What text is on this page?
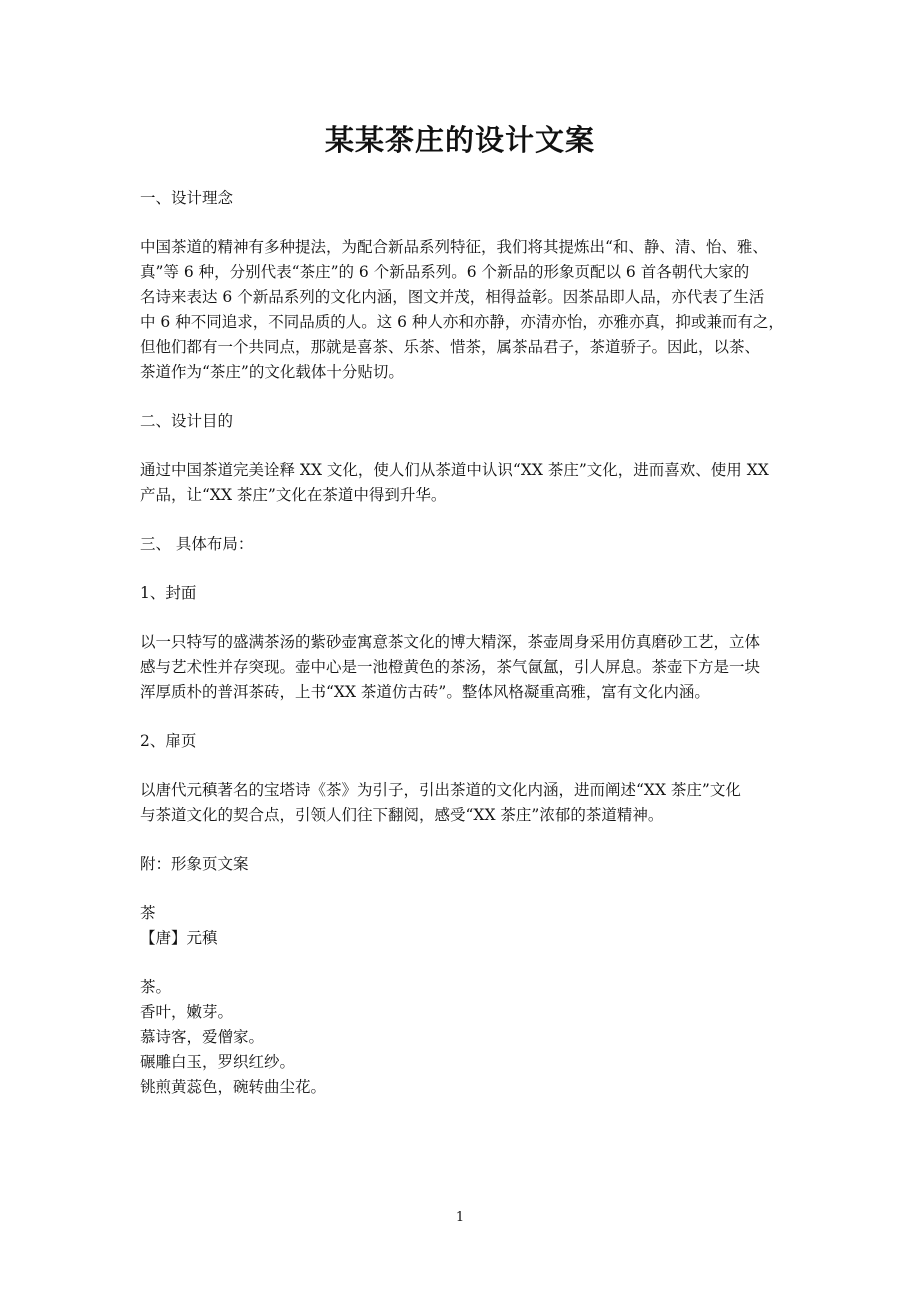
某某茶庄的设计文案

一、设计理念

中国茶道的精神有多种提法，为配合新品系列特征，我们将其提炼出“和、静、清、怡、雅、
真”等 6 种，分别代表“茶庄”的 6 个新品系列。6 个新品的形象页配以 6 首各朝代大家的
名诗来表达 6 个新品系列的文化内涵，图文并茂，相得益彰。因茶品即人品，亦代表了生活
中 6 种不同追求，不同品质的人。这 6 种人亦和亦静，亦清亦怡，亦雅亦真，抑或兼而有之，
但他们都有一个共同点，那就是喜茶、乐茶、惜茶，属茶品君子，茶道骄子。因此，以茶、
茶道作为“茶庄”的文化载体十分贴切。

二、设计目的

通过中国茶道完美诠释 XX 文化，使人们从茶道中认识“XX 茶庄”文化，进而喜欢、使用 XX
产品，让“XX 茶庄”文化在茶道中得到升华。

三、 具体布局：

1、封面

以一只特写的盛满茶汤的紫砂壶寓意茶文化的博大精深，茶壶周身采用仿真磨砂工艺，立体
感与艺术性并存突现。壶中心是一池橙黄色的茶汤，茶气氤氲，引人屏息。茶壶下方是一块
浑厚质朴的普洱茶砖，上书“XX 茶道仿古砖”。整体风格凝重高雅，富有文化内涵。

2、扉页

以唐代元稹著名的宝塔诗《茶》为引子，引出茶道的文化内涵，进而阐述“XX 茶庄”文化
与茶道文化的契合点，引领人们往下翻阅，感受“XX 茶庄”浓郁的茶道精神。

附：形象页文案

茶

【唐】元稹

茶。
香叶，嫩芽。
慕诗客，爱僧家。
碾雕白玉，罗织红纱。
铫煎黄蕊色，碗转曲尘花。
1
